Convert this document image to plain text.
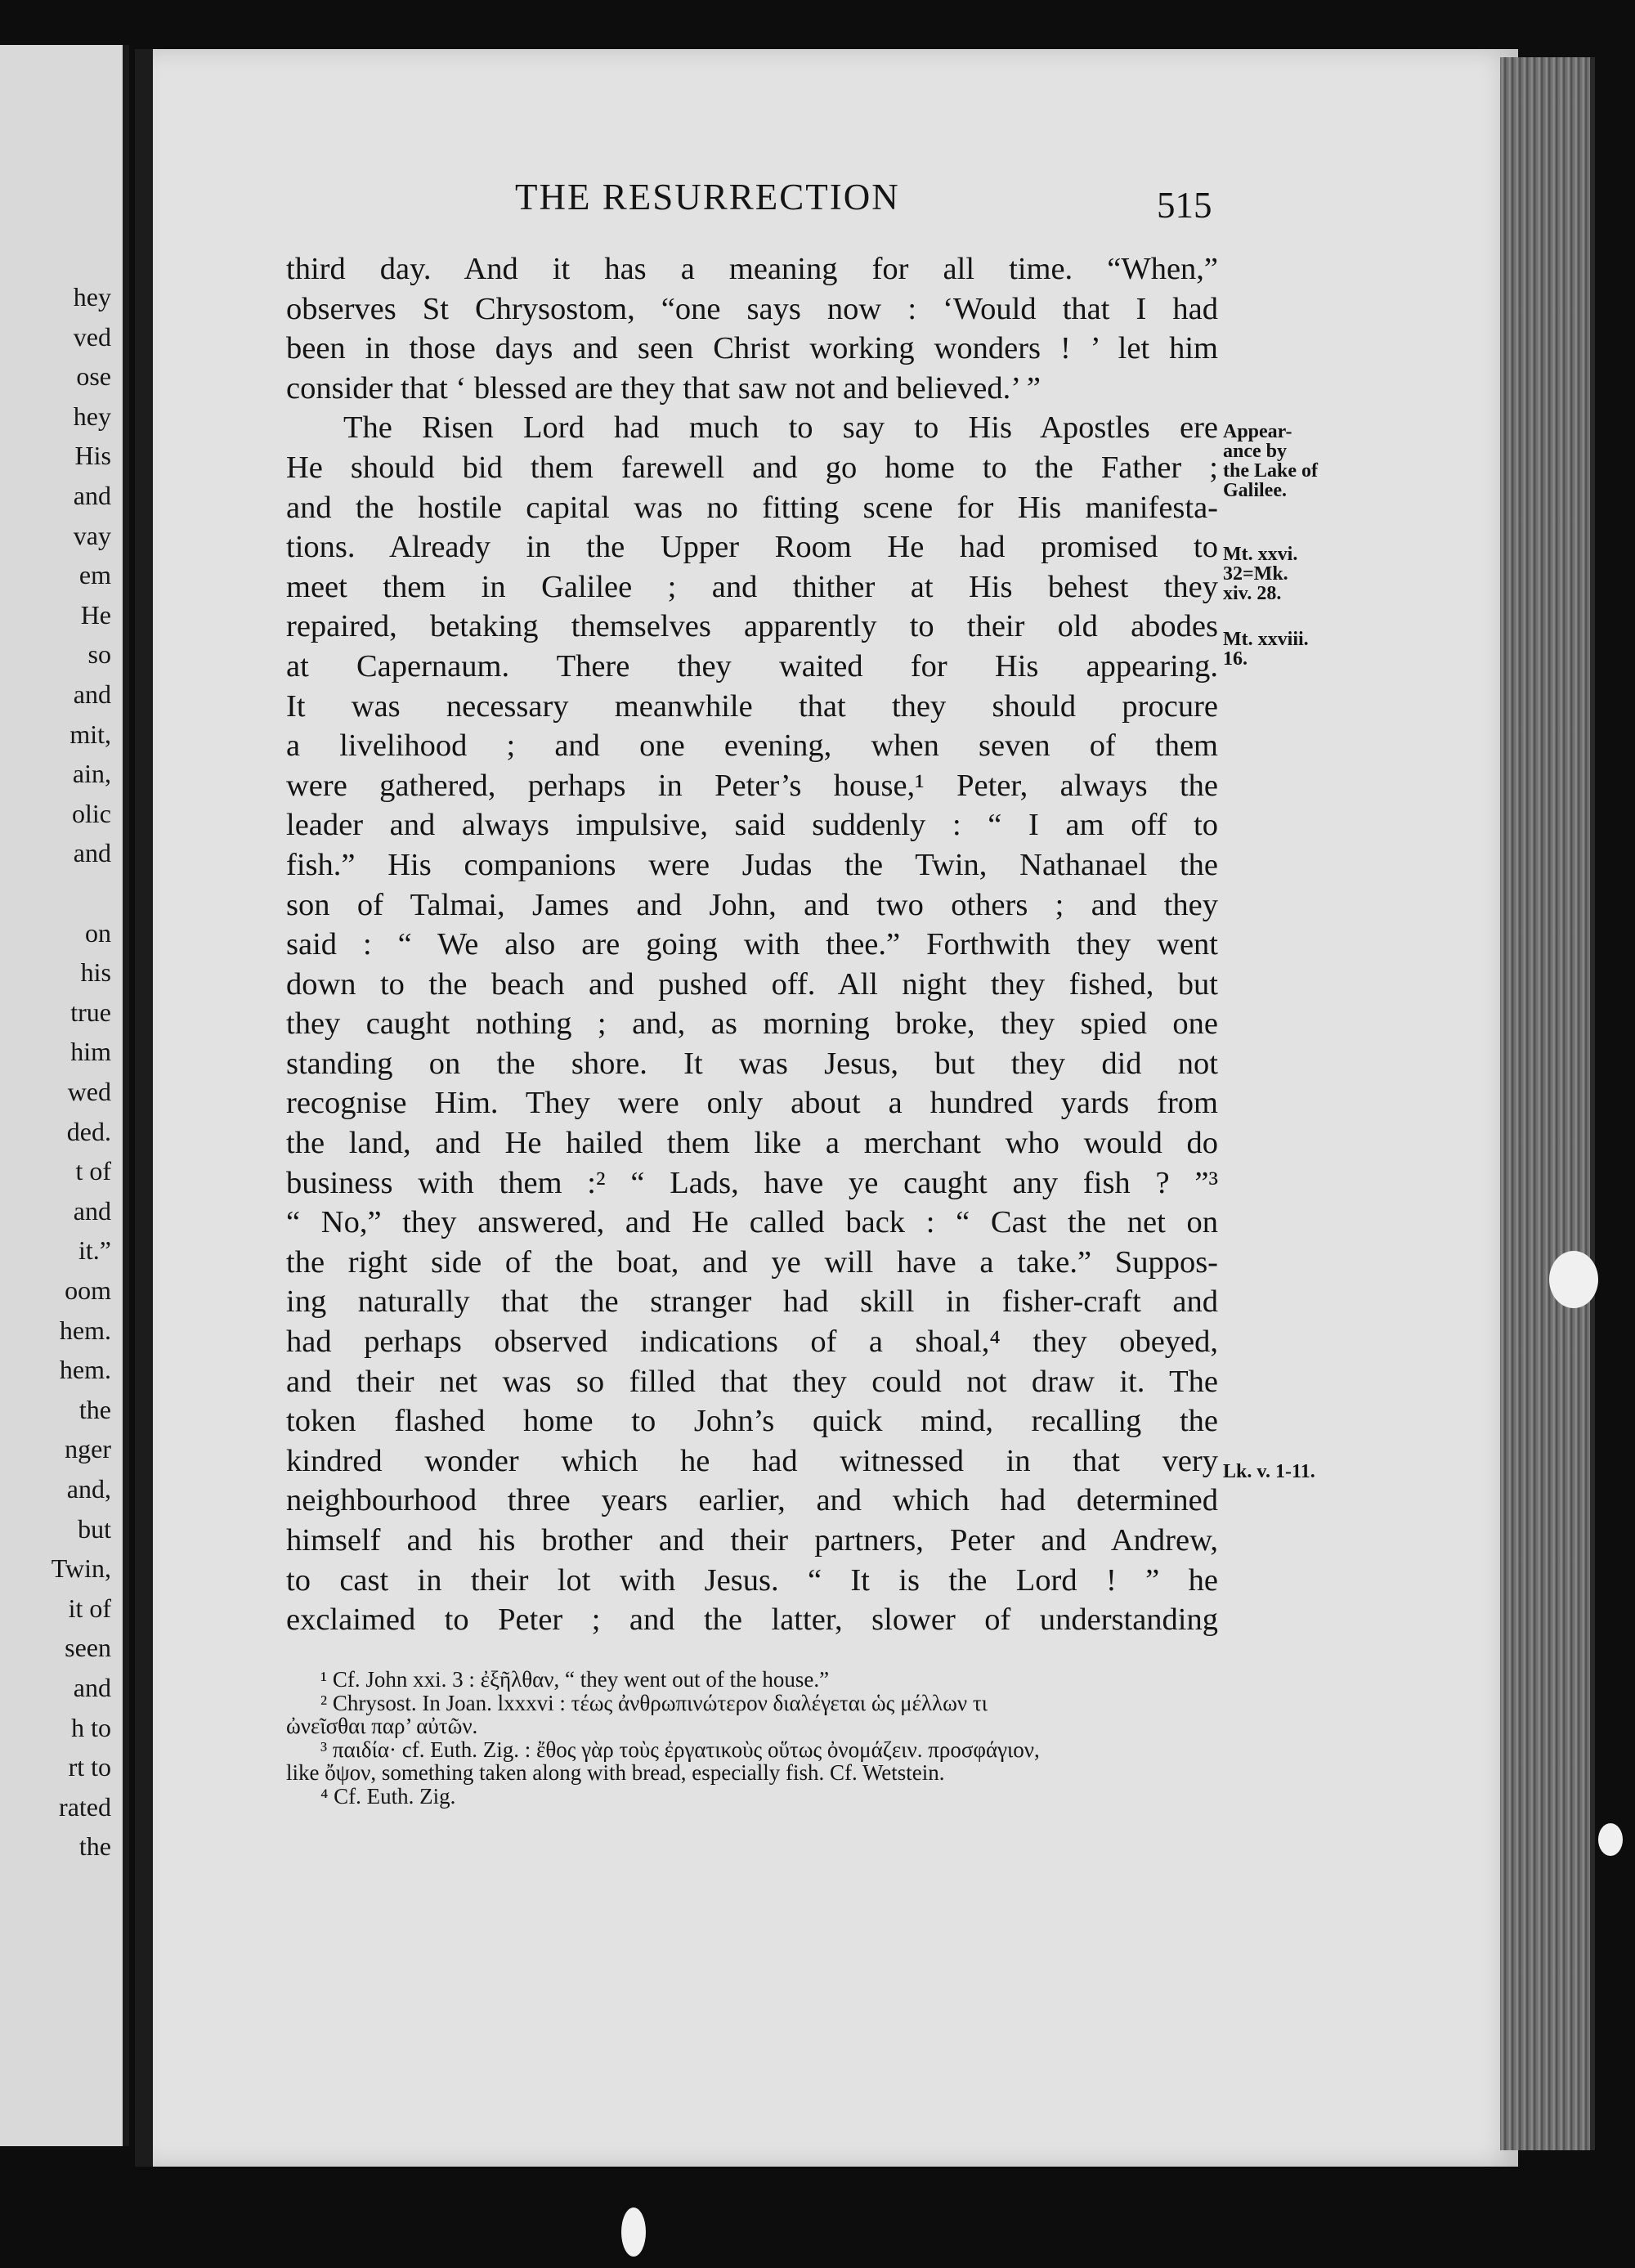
hey
ved
ose
hey
His
and
vay
em
He
so
and
mit,
ain,
olic
and
on
his
true
him
wed
ded.
t of
and
it.”
oom
hem.
hem.
the
nger
and,
but
Twin,
it of
seen
and
h to
rt to
rated
the
THE RESURRECTION	515
third day. And it has a meaning for all time. “When,”
observes St Chrysostom, “one says now : ‘Would that I had
been in those days and seen Christ working wonders ! ’ let him
consider that ‘ blessed are they that saw not and believed.’ ”
The Risen Lord had much to say to His Apostles ere
He should bid them farewell and go home to the Father ;
and the hostile capital was no fitting scene for His manifesta-
tions. Already in the Upper Room He had promised to
meet them in Galilee ; and thither at His behest they
repaired, betaking themselves apparently to their old abodes
at Capernaum. There they waited for His appearing.
It was necessary meanwhile that they should procure
a livelihood ; and one evening, when seven of them
were gathered, perhaps in Peter’s house,¹ Peter, always the
leader and always impulsive, said suddenly : “ I am off to
fish.” His companions were Judas the Twin, Nathanael the
son of Talmai, James and John, and two others ; and they
said : “ We also are going with thee.” Forthwith they went
down to the beach and pushed off. All night they fished, but
they caught nothing ; and, as morning broke, they spied one
standing on the shore. It was Jesus, but they did not
recognise Him. They were only about a hundred yards from
the land, and He hailed them like a merchant who would do
business with them :² “ Lads, have ye caught any fish ? ”³
“ No,” they answered, and He called back : “ Cast the net on
the right side of the boat, and ye will have a take.” Suppos-
ing naturally that the stranger had skill in fisher-craft and
had perhaps observed indications of a shoal,⁴ they obeyed,
and their net was so filled that they could not draw it. The
token flashed home to John’s quick mind, recalling the
kindred wonder which he had witnessed in that very
neighbourhood three years earlier, and which had determined
himself and his brother and their partners, Peter and Andrew,
to cast in their lot with Jesus. “ It is the Lord ! ” he
exclaimed to Peter ; and the latter, slower of understanding
Appear-
ance by
the Lake of
Galilee.
Mt. xxvi.
32=Mk.
xiv. 28.
Mt. xxviii.
16.
Lk. v. 1-11.
¹ Cf. John xxi. 3 : ἐξῆλθαν, “ they went out of the house.”
² Chrysost. In Joan. lxxxvi : τέως ἀνθρωπινώτερον διαλέγεται ὡς μέλλων τι
ὠνεῖσθαι παρ’ αὐτῶν.
³ παιδία· cf. Euth. Zig. : ἔθος γὰρ τοὺς ἐργατικοὺς οὕτως ὀνομάζειν. προσφάγιον,
like ὄψον, something taken along with bread, especially fish. Cf. Wetstein.
⁴ Cf. Euth. Zig.
